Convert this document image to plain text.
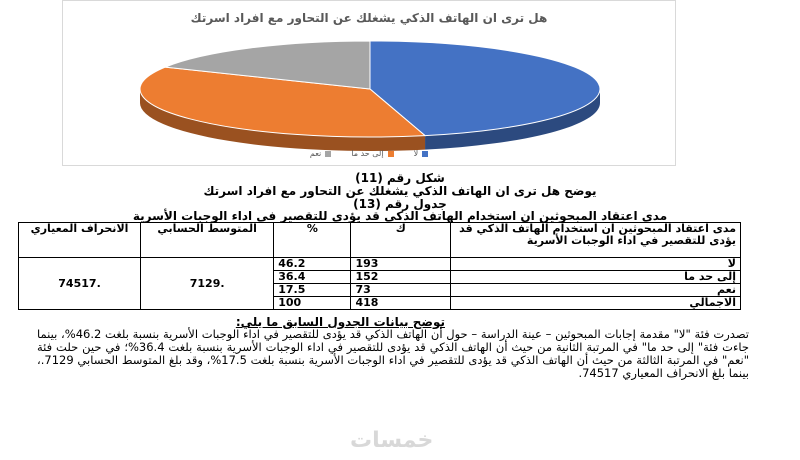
هل ترى ان الهاتف الذكي يشغلك عن التحاور مع افراد اسرتك
لا
إلى حد ما
نعم
شكل رقم (11)
يوضح هل ترى ان الهاتف الذكي يشغلك عن التحاور مع افراد اسرتك
جدول رقم (13)
مدى اعتقاد المبحوثين ان استخدام الهاتف الذكي قد يؤدى للتقصير في اداء الوجبات الأسرية
مدى اعتقاد المبحوثين ان استخدام الهاتف الذكي قد يؤدى للتقصير في اداء الوجبات الأسرية	ك	%	المتوسط الحسابي	الانحراف المعياري
لا	193	46.2	.7129	.74517
إلى حد ما	152	36.4		
نعم	73	17.5		
الاجمالي	418	100		
توضح بيانات الجدول السابق ما يلي:
تصدرت فئة "لا" مقدمة إجابات المبحوثين – عينة الدراسة – حول أن الهاتف الذكي قد يؤدى للتقصير في اداء الوجبات الأسرية بنسبة بلغت 46.2%، بينما جاءت فئة" إلى حد ما" في المرتبة الثانية من حيث أن الهاتف الذكي قد يؤدى للتقصير في اداء الوجبات الأسرية بنسبة بلغت 36.4%؛ في حين حلت فئة "نعم" في المرتبة الثالثة من حيث أن الهاتف الذكي قد يؤدى للتقصير في اداء الوجبات الأسرية بنسبة بلغت 17.5%، وقد بلغ المتوسط الحسابي 7129.، بينما بلغ الانحراف المعياري 74517.
خمسات
